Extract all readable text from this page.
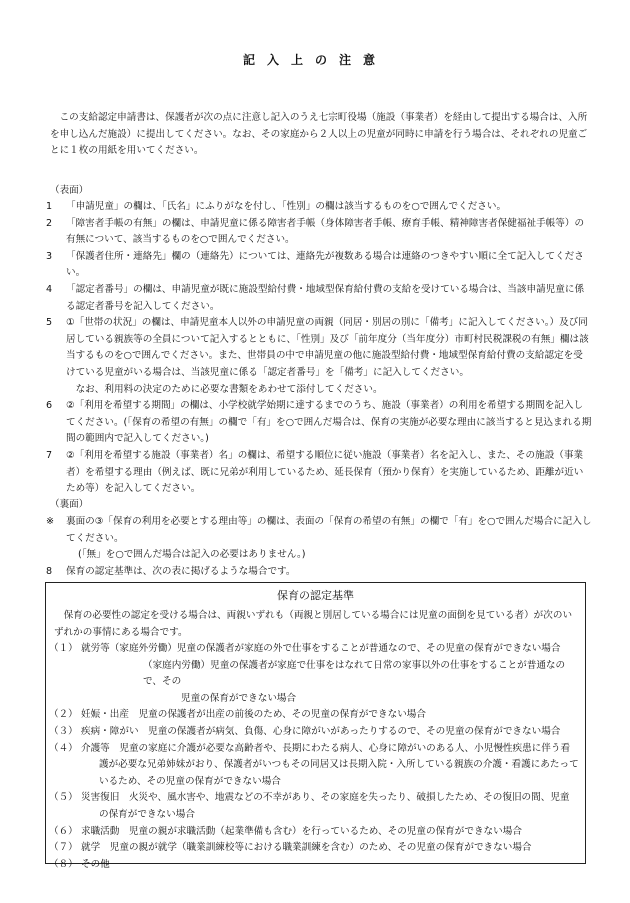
記入上の注意

この支給認定申請書は、保護者が次の点に注意し記入のうえ七宗町役場（施設（事業者）を経由して提出する場合は、入所を申し込んだ施設）に提出してください。なお、その家庭から２人以上の児童が同時に申請を行う場合は、それぞれの児童ごとに１枚の用紙を用いてください。

（表面）
1	「申請児童」の欄は、「氏名」にふりがなを付し、「性別」の欄は該当するものを○で囲んでください。
2	「障害者手帳の有無」の欄は、申請児童に係る障害者手帳（身体障害者手帳、療育手帳、精神障害者保健福祉手帳等）の有無について、該当するものを○で囲んでください。
3	「保護者住所・連絡先」欄の（連絡先）については、連絡先が複数ある場合は連絡のつきやすい順に全て記入してください。
4	「認定者番号」の欄は、申請児童が既に施設型給付費・地域型保育給付費の支給を受けている場合は、当該申請児童に係る認定者番号を記入してください。
5	①「世帯の状況」の欄は、申請児童本人以外の申請児童の両親（同居・別居の別に「備考」に記入してください。）及び同居している親族等の全員について記入するとともに、「性別」及び「前年度分（当年度分）市町村民税課税の有無」欄は該当するものを○で囲んでください。また、世帯員の中で申請児童の他に施設型給付費・地域型保育給付費の支給認定を受けている児童がいる場合は、当該児童に係る「認定者番号」を「備考」に記入してください。
なお、利用料の決定のために必要な書類をあわせて添付してください。
6	②「利用を希望する期間」の欄は、小学校就学始期に達するまでのうち、施設（事業者）の利用を希望する期間を記入してください。(「保育の希望の有無」の欄で「有」を○で囲んだ場合は、保育の実施が必要な理由に該当すると見込まれる期間の範囲内で記入してください。)
7	②「利用を希望する施設（事業者）名」の欄は、希望する順位に従い施設（事業者）名を記入し、また、その施設（事業者）を希望する理由（例えば、既に兄弟が利用しているため、延長保育（預かり保育）を実施しているため、距離が近いため等）を記入してください。
（裏面）
※	裏面の③「保育の利用を必要とする理由等」の欄は、表面の「保育の希望の有無」の欄で「有」を○で囲んだ場合に記入してください。
(「無」を○で囲んだ場合は記入の必要はありません。)
8	保育の認定基準は、次の表に掲げるような場合です。
保育の認定基準

保育の必要性の認定を受ける場合は、両親いずれも（両親と別居している場合には児童の面倒を見ている者）が次のいずれかの事情にある場合です。

（１） 就労等（家庭外労働）児童の保護者が家庭の外で仕事をすることが普通なので、その児童の保育ができない場合
（家庭内労働）児童の保護者が家庭で仕事をはなれて日常の家事以外の仕事をすることが普通なので、その
児童の保育ができない場合
（２） 妊娠・出産　児童の保護者が出産の前後のため、その児童の保育ができない場合
（３） 疾病・障がい　児童の保護者が病気、負傷、心身に障がいがあったりするので、その児童の保育ができない場合
（４） 介護等　児童の家庭に介護が必要な高齢者や、長期にわたる病人、心身に障がいのある人、小児慢性疾患に伴う看
護が必要な兄弟姉妹がおり、保護者がいつもその同居又は長期入院・入所している親族の介護・看護にあたっているため、その児童の保育ができない場合
（５） 災害復旧　火災や、風水害や、地震などの不幸があり、その家庭を失ったり、破損したため、その復旧の間、児童
の保育ができない場合
（６） 求職活動　児童の親が求職活動（起業準備も含む）を行っているため、その児童の保育ができない場合
（７） 就学　児童の親が就学（職業訓練校等における職業訓練を含む）のため、その児童の保育ができない場合
（８） その他
